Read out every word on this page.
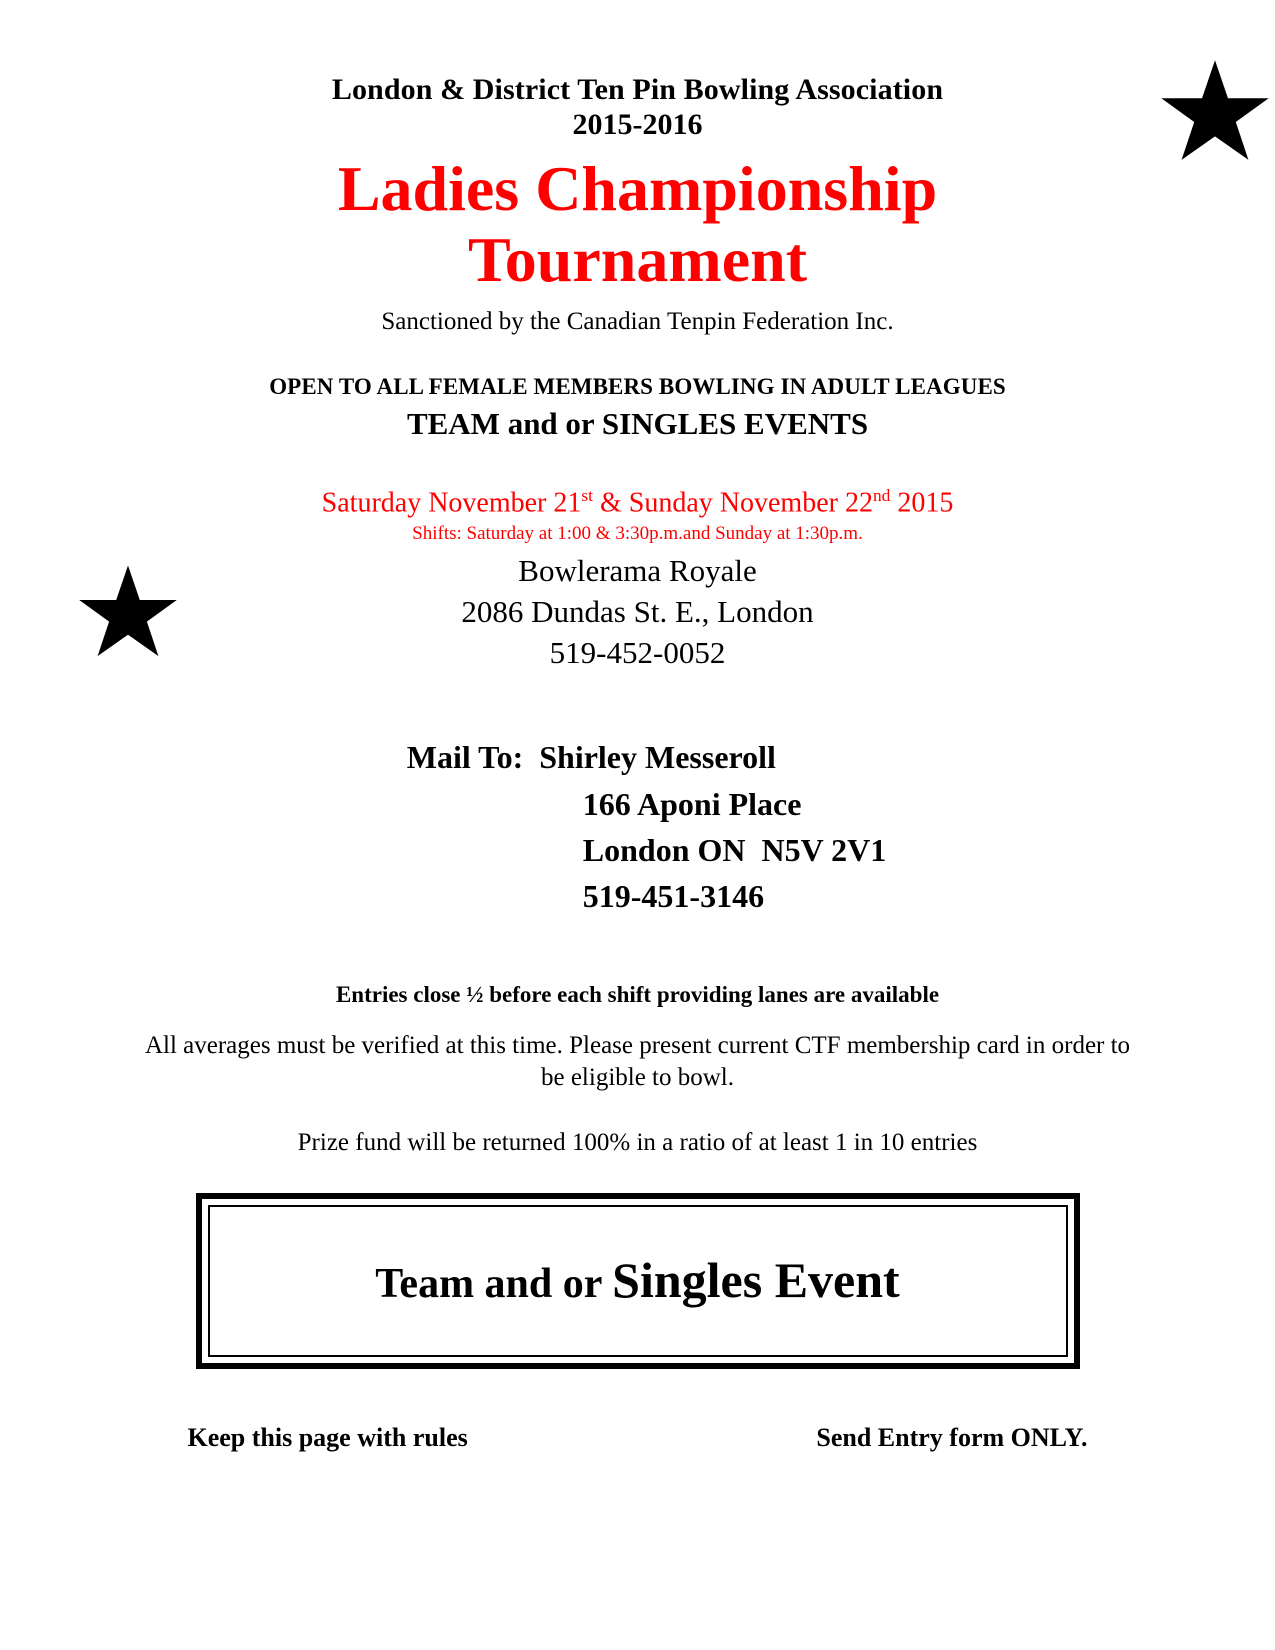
London & District Ten Pin Bowling Association

2015-2016

Ladies Championship
Tournament

Sanctioned by the Canadian Tenpin Federation Inc.

OPEN TO ALL FEMALE MEMBERS BOWLING IN ADULT LEAGUES

TEAM and or SINGLES EVENTS

Saturday November 21st & Sunday November 22nd 2015

Shifts: Saturday at 1:00 & 3:30p.m.and Sunday at 1:30p.m.

Bowlerama Royale
2086 Dundas St. E., London
519-452-0052

Mail To: Shirley Messeroll
166 Aponi Place
London ON  N5V 2V1
519-451-3146

Entries close ½ before each shift providing lanes are available

All averages must be verified at this time. Please present current CTF membership card in order to be eligible to bowl.

Prize fund will be returned 100% in a ratio of at least 1 in 10 entries

Team and or Singles Event

Keep this page with rules	Send Entry form ONLY.
